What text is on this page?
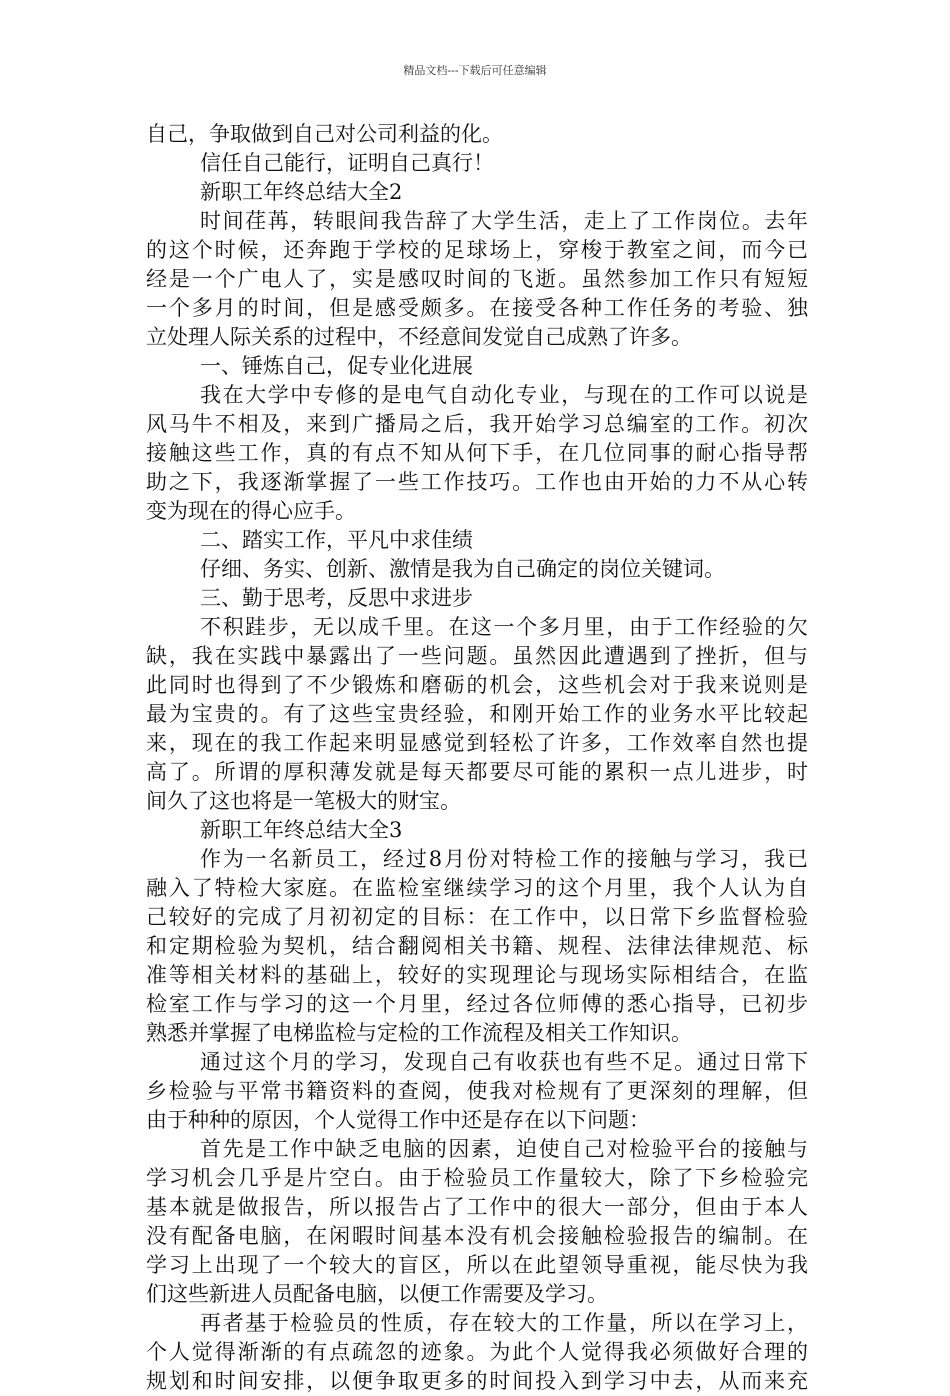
精品文档---下载后可任意编辑
自己，争取做到自己对公司利益的化。
信任自己能行，证明自己真行！
新职工年终总结大全2
时间荏苒，转眼间我告辞了大学生活，走上了工作岗位。去年
的这个时候，还奔跑于学校的足球场上，穿梭于教室之间，而今已
经是一个广电人了，实是感叹时间的飞逝。虽然参加工作只有短短
一个多月的时间，但是感受颇多。在接受各种工作任务的考验、独
立处理人际关系的过程中，不经意间发觉自己成熟了许多。
一、锤炼自己，促专业化进展
我在大学中专修的是电气自动化专业，与现在的工作可以说是
风马牛不相及，来到广播局之后，我开始学习总编室的工作。初次
接触这些工作，真的有点不知从何下手，在几位同事的耐心指导帮
助之下，我逐渐掌握了一些工作技巧。工作也由开始的力不从心转
变为现在的得心应手。
二、踏实工作，平凡中求佳绩
仔细、务实、创新、激情是我为自己确定的岗位关键词。
三、勤于思考，反思中求进步
不积跬步，无以成千里。在这一个多月里，由于工作经验的欠
缺，我在实践中暴露出了一些问题。虽然因此遭遇到了挫折，但与
此同时也得到了不少锻炼和磨砺的机会，这些机会对于我来说则是
最为宝贵的。有了这些宝贵经验，和刚开始工作的业务水平比较起
来，现在的我工作起来明显感觉到轻松了许多，工作效率自然也提
高了。所谓的厚积薄发就是每天都要尽可能的累积一点儿进步，时
间久了这也将是一笔极大的财宝。
新职工年终总结大全3
作为一名新员工，经过8月份对特检工作的接触与学习，我已
融入了特检大家庭。在监检室继续学习的这个月里，我个人认为自
己较好的完成了月初初定的目标：在工作中，以日常下乡监督检验
和定期检验为契机，结合翻阅相关书籍、规程、法律法律规范、标
准等相关材料的基础上，较好的实现理论与现场实际相结合，在监
检室工作与学习的这一个月里，经过各位师傅的悉心指导，已初步
熟悉并掌握了电梯监检与定检的工作流程及相关工作知识。
通过这个月的学习，发现自己有收获也有些不足。通过日常下
乡检验与平常书籍资料的查阅，使我对检规有了更深刻的理解，但
由于种种的原因，个人觉得工作中还是存在以下问题：
首先是工作中缺乏电脑的因素，迫使自己对检验平台的接触与
学习机会几乎是片空白。由于检验员工作量较大，除了下乡检验完
基本就是做报告，所以报告占了工作中的很大一部分，但由于本人
没有配备电脑，在闲暇时间基本没有机会接触检验报告的编制。在
学习上出现了一个较大的盲区，所以在此望领导重视，能尽快为我
们这些新进人员配备电脑，以便工作需要及学习。
再者基于检验员的性质，存在较大的工作量，所以在学习上，
个人觉得渐渐的有点疏忽的迹象。为此个人觉得我必须做好合理的
规划和时间安排，以便争取更多的时间投入到学习中去，从而来充
